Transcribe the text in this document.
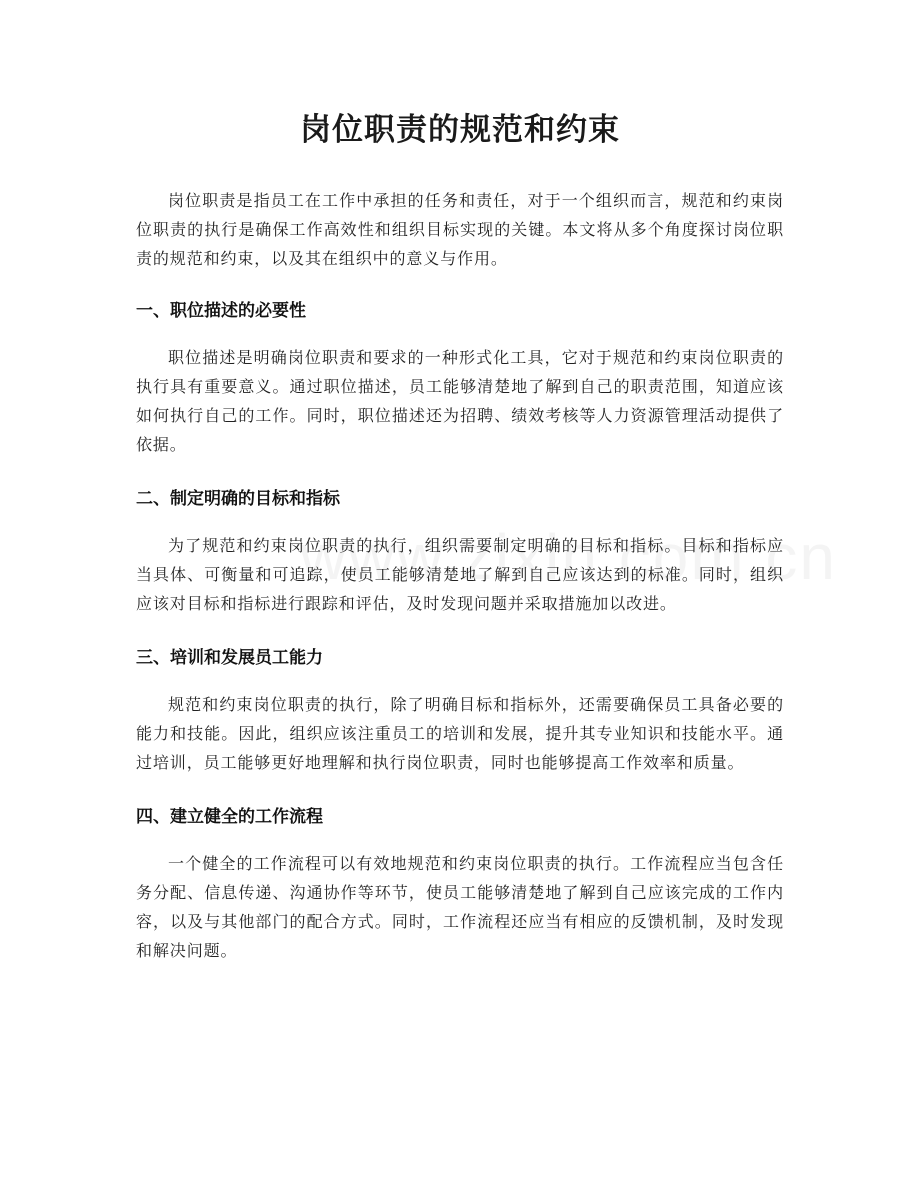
岗位职责的规范和约束

岗位职责是指员工在工作中承担的任务和责任，对于一个组织而言，规范和约束岗位职责的执行是确保工作高效性和组织目标实现的关键。本文将从多个角度探讨岗位职责的规范和约束，以及其在组织中的意义与作用。

一、职位描述的必要性

职位描述是明确岗位职责和要求的一种形式化工具，它对于规范和约束岗位职责的执行具有重要意义。通过职位描述，员工能够清楚地了解到自己的职责范围，知道应该如何执行自己的工作。同时，职位描述还为招聘、绩效考核等人力资源管理活动提供了依据。

二、制定明确的目标和指标

为了规范和约束岗位职责的执行，组织需要制定明确的目标和指标。目标和指标应当具体、可衡量和可追踪，使员工能够清楚地了解到自己应该达到的标准。同时，组织应该对目标和指标进行跟踪和评估，及时发现问题并采取措施加以改进。

三、培训和发展员工能力

规范和约束岗位职责的执行，除了明确目标和指标外，还需要确保员工具备必要的能力和技能。因此，组织应该注重员工的培训和发展，提升其专业知识和技能水平。通过培训，员工能够更好地理解和执行岗位职责，同时也能够提高工作效率和质量。

四、建立健全的工作流程

一个健全的工作流程可以有效地规范和约束岗位职责的执行。工作流程应当包含任务分配、信息传递、沟通协作等环节，使员工能够清楚地了解到自己应该完成的工作内容，以及与其他部门的配合方式。同时，工作流程还应当有相应的反馈机制，及时发现和解决问题。
